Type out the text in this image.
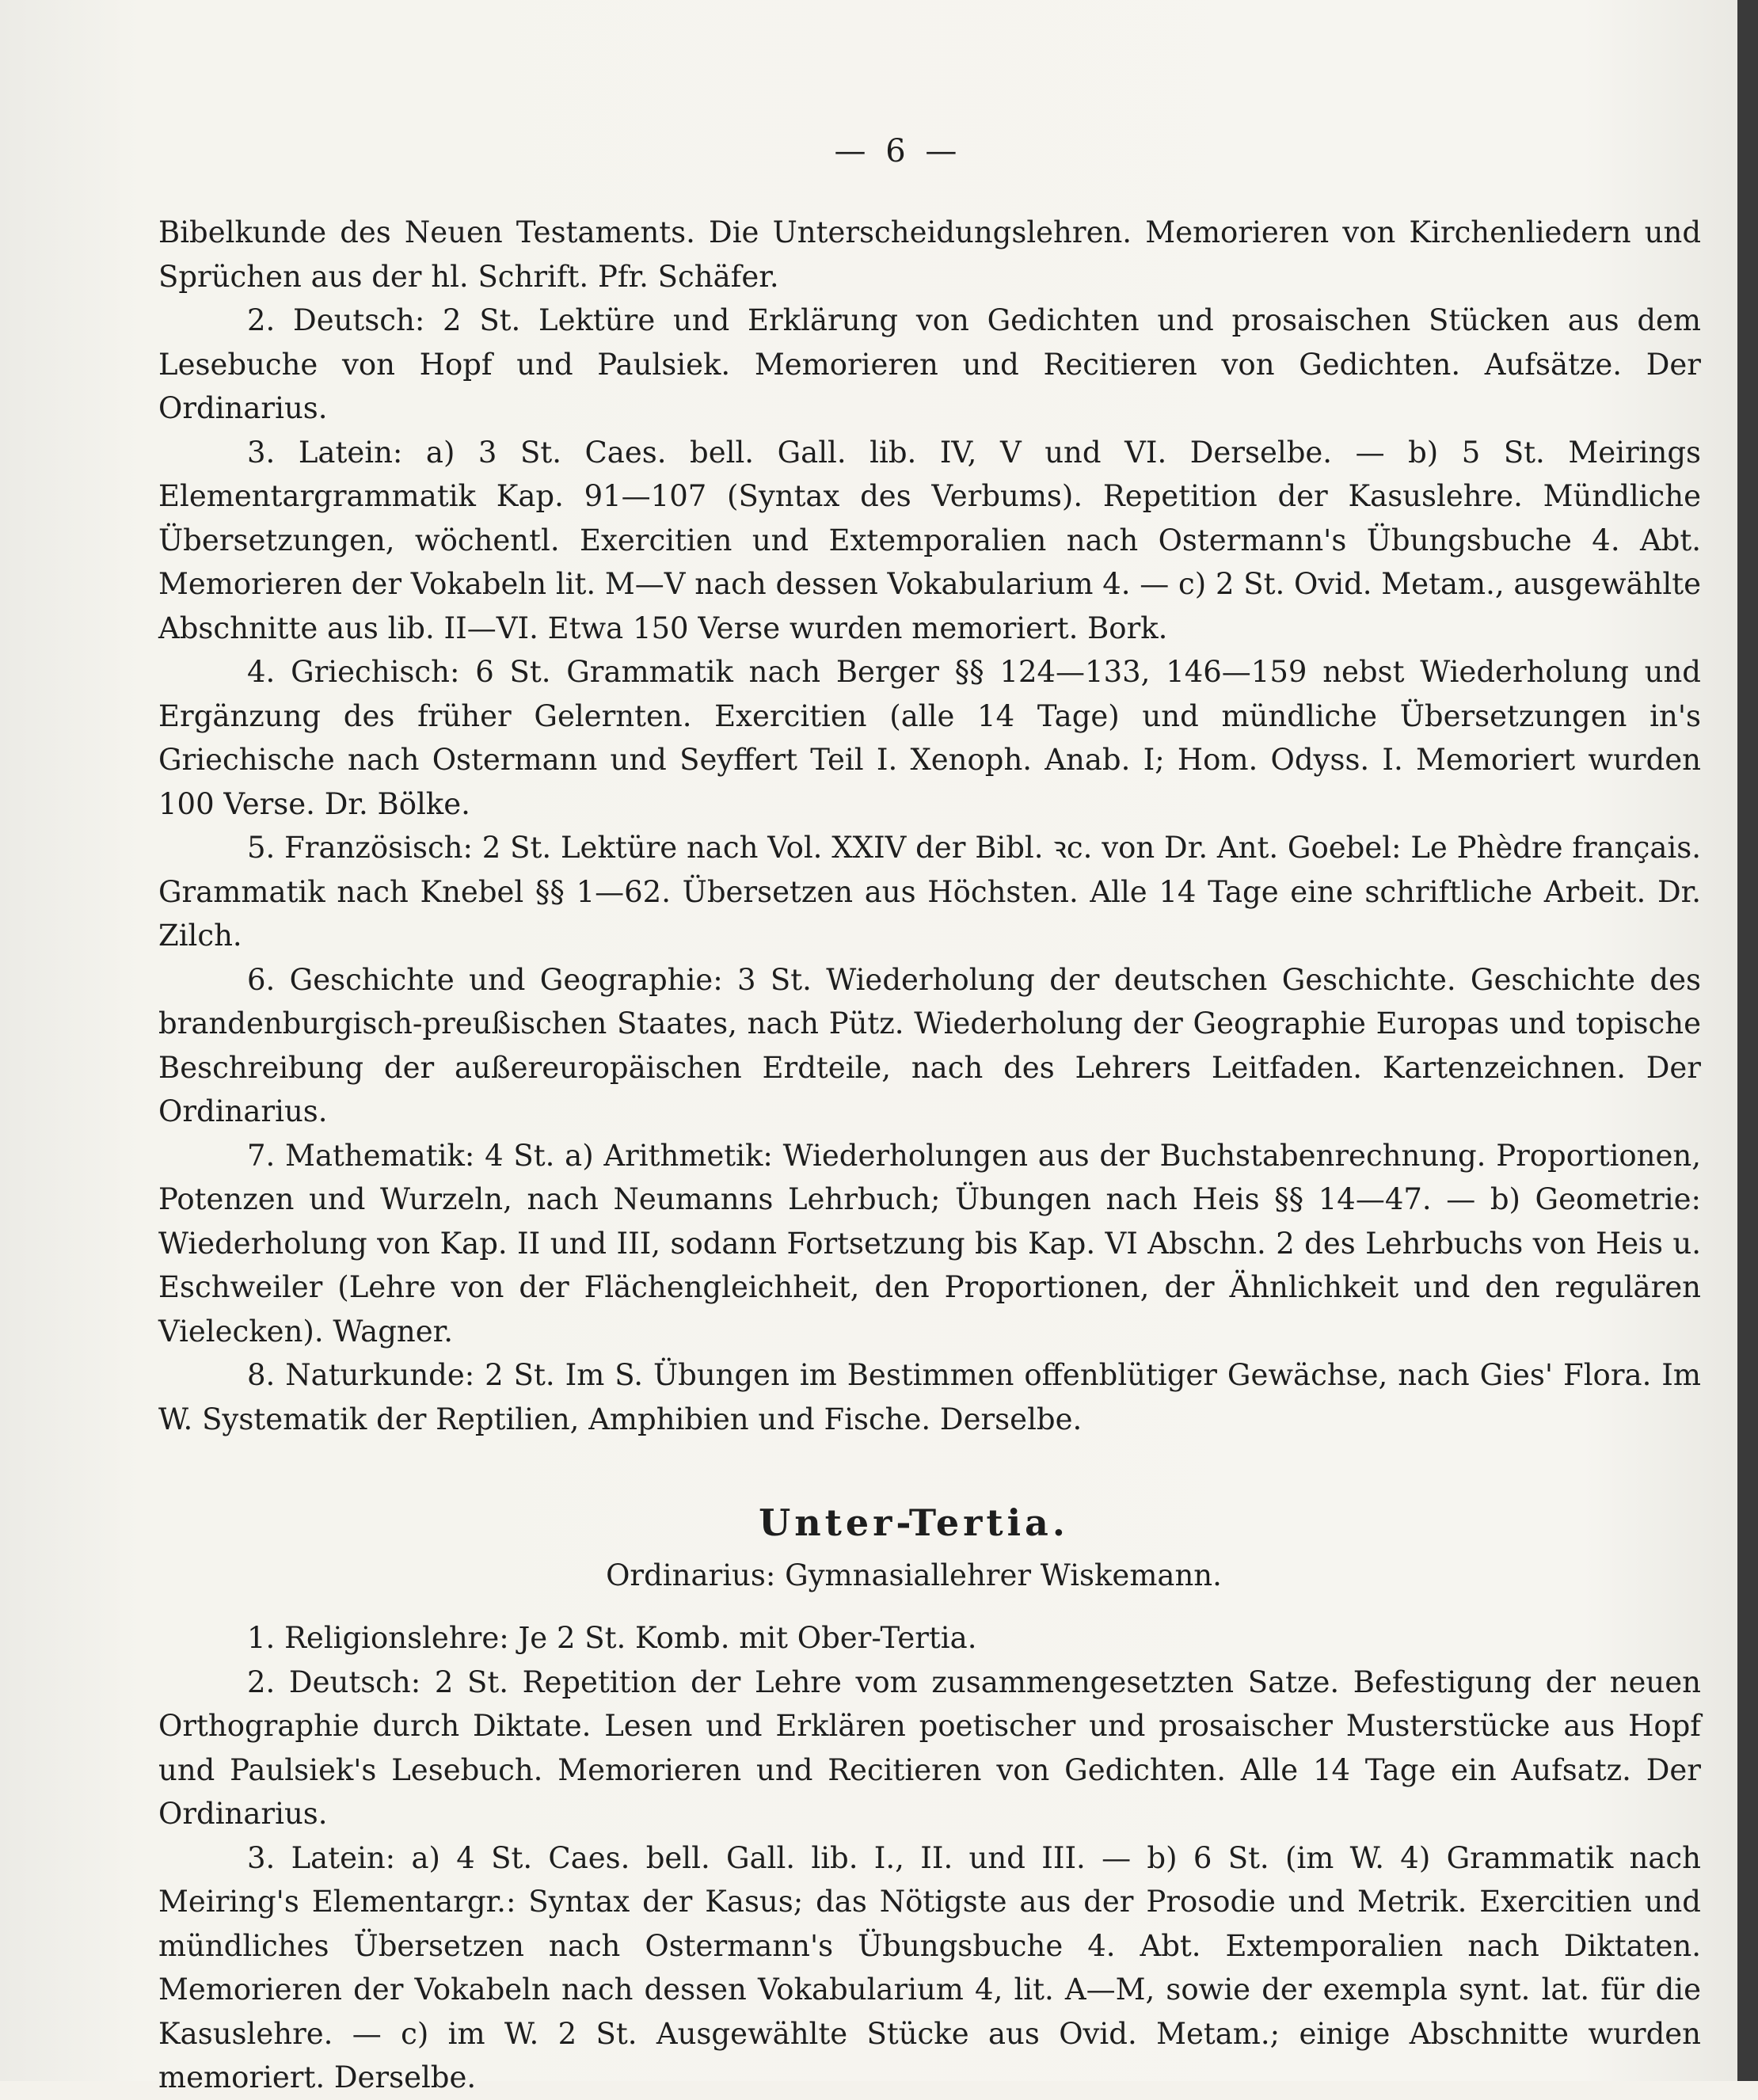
— 6 —

Bibelkunde des Neuen Testaments. Die Unterscheidungslehren. Memorieren von Kirchenliedern und Sprüchen aus der hl. Schrift. Pfr. Schäfer.

2. Deutsch: 2 St. Lektüre und Erklärung von Gedichten und prosaischen Stücken aus dem Lesebuche von Hopf und Paulsiek. Memorieren und Recitieren von Gedichten. Aufsätze. Der Ordinarius.

3. Latein: a) 3 St. Caes. bell. Gall. lib. IV, V und VI. Derselbe. — b) 5 St. Meirings Elementargrammatik Kap. 91—107 (Syntax des Verbums). Repetition der Kasuslehre. Mündliche Übersetzungen, wöchentl. Exercitien und Extemporalien nach Ostermann's Übungsbuche 4. Abt. Memorieren der Vokabeln lit. M—V nach dessen Vokabularium 4. — c) 2 St. Ovid. Metam., ausgewählte Abschnitte aus lib. II—VI. Etwa 150 Verse wurden memoriert. Bork.

4. Griechisch: 6 St. Grammatik nach Berger §§ 124—133, 146—159 nebst Wiederholung und Ergänzung des früher Gelernten. Exercitien (alle 14 Tage) und mündliche Übersetzungen in's Griechische nach Ostermann und Seyffert Teil I. Xenoph. Anab. I; Hom. Odyss. I. Memoriert wurden 100 Verse. Dr. Bölke.

5. Französisch: 2 St. Lektüre nach Vol. XXIV der Bibl. ꝛc. von Dr. Ant. Goebel: Le Phèdre français. Grammatik nach Knebel §§ 1—62. Übersetzen aus Höchsten. Alle 14 Tage eine schriftliche Arbeit. Dr. Zilch.

6. Geschichte und Geographie: 3 St. Wiederholung der deutschen Geschichte. Geschichte des brandenburgisch-preußischen Staates, nach Pütz. Wiederholung der Geographie Europas und topische Beschreibung der außereuropäischen Erdteile, nach des Lehrers Leitfaden. Kartenzeichnen. Der Ordinarius.

7. Mathematik: 4 St. a) Arithmetik: Wiederholungen aus der Buchstabenrechnung. Proportionen, Potenzen und Wurzeln, nach Neumanns Lehrbuch; Übungen nach Heis §§ 14—47. — b) Geometrie: Wiederholung von Kap. II und III, sodann Fortsetzung bis Kap. VI Abschn. 2 des Lehrbuchs von Heis u. Eschweiler (Lehre von der Flächengleichheit, den Proportionen, der Ähnlichkeit und den regulären Vielecken). Wagner.

8. Naturkunde: 2 St. Im S. Übungen im Bestimmen offenblütiger Gewächse, nach Gies' Flora. Im W. Systematik der Reptilien, Amphibien und Fische. Derselbe.

Unter-Tertia.
Ordinarius: Gymnasiallehrer Wiskemann.

1. Religionslehre: Je 2 St. Komb. mit Ober-Tertia.

2. Deutsch: 2 St. Repetition der Lehre vom zusammengesetzten Satze. Befestigung der neuen Orthographie durch Diktate. Lesen und Erklären poetischer und prosaischer Musterstücke aus Hopf und Paulsiek's Lesebuch. Memorieren und Recitieren von Gedichten. Alle 14 Tage ein Aufsatz. Der Ordinarius.

3. Latein: a) 4 St. Caes. bell. Gall. lib. I., II. und III. — b) 6 St. (im W. 4) Grammatik nach Meiring's Elementargr.: Syntax der Kasus; das Nötigste aus der Prosodie und Metrik. Exercitien und mündliches Übersetzen nach Ostermann's Übungsbuche 4. Abt. Extemporalien nach Diktaten. Memorieren der Vokabeln nach dessen Vokabularium 4, lit. A—M, sowie der exempla synt. lat. für die Kasuslehre. — c) im W. 2 St. Ausgewählte Stücke aus Ovid. Metam.; einige Abschnitte wurden memoriert. Derselbe.
